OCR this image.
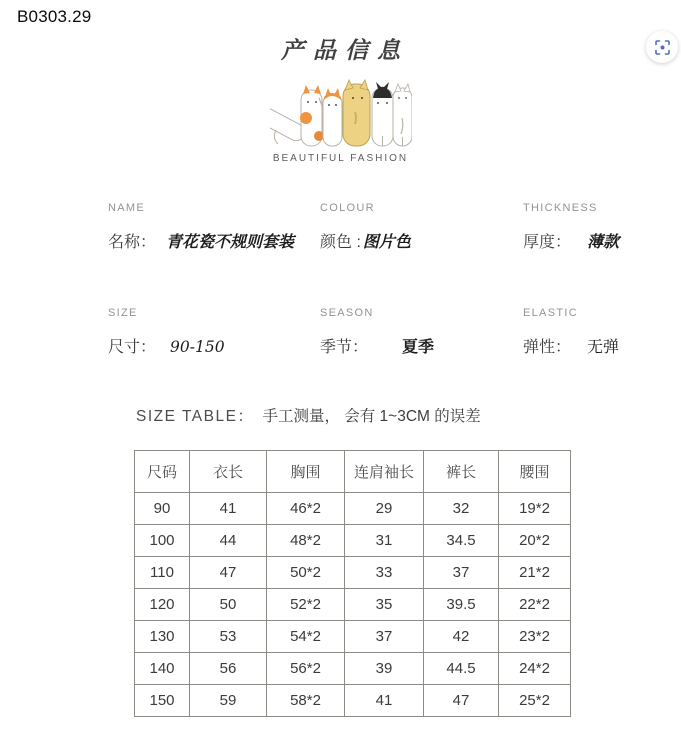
B0303.29
产品信息
BEAUTIFUL FASHION
NAME
名称： 青花瓷不规则套装
COLOUR
颜色 : 图片色
THICKNESS
厚度： 薄款
SIZE
尺寸： 90-150
SEASON
季节： 夏季
ELASTIC
弹性： 无弹
SIZE TABLE： 手工测量， 会有 1~3CM 的误差
尺码	衣长	胸围	连肩袖长	裤长	腰围
90	41	46*2	29	32	19*2
100	44	48*2	31	34.5	20*2
110	47	50*2	33	37	21*2
120	50	52*2	35	39.5	22*2
130	53	54*2	37	42	23*2
140	56	56*2	39	44.5	24*2
150	59	58*2	41	47	25*2
